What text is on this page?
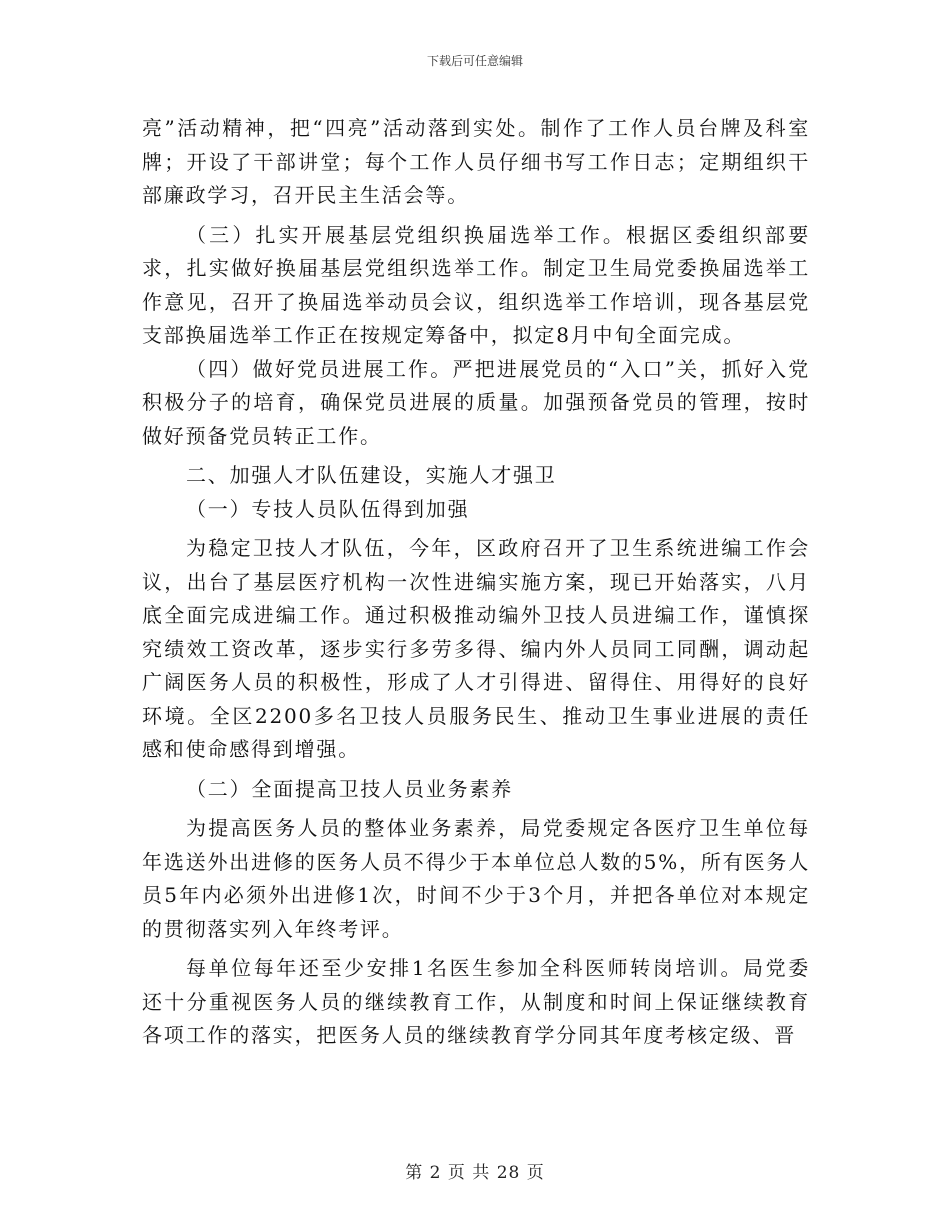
下载后可任意编辑

亮”活动精神，把“四亮”活动落到实处。制作了工作人员台牌及科室牌；开设了干部讲堂；每个工作人员仔细书写工作日志；定期组织干部廉政学习，召开民主生活会等。

（三）扎实开展基层党组织换届选举工作。根据区委组织部要求，扎实做好换届基层党组织选举工作。制定卫生局党委换届选举工作意见，召开了换届选举动员会议，组织选举工作培训，现各基层党支部换届选举工作正在按规定筹备中，拟定8月中旬全面完成。

（四）做好党员进展工作。严把进展党员的“入口”关，抓好入党积极分子的培育，确保党员进展的质量。加强预备党员的管理，按时做好预备党员转正工作。

二、加强人才队伍建设，实施人才强卫

（一）专技人员队伍得到加强

为稳定卫技人才队伍，今年，区政府召开了卫生系统进编工作会议，出台了基层医疗机构一次性进编实施方案，现已开始落实，八月底全面完成进编工作。通过积极推动编外卫技人员进编工作，谨慎探究绩效工资改革，逐步实行多劳多得、编内外人员同工同酬，调动起广阔医务人员的积极性，形成了人才引得进、留得住、用得好的良好环境。全区2200多名卫技人员服务民生、推动卫生事业进展的责任感和使命感得到增强。

（二）全面提高卫技人员业务素养

为提高医务人员的整体业务素养，局党委规定各医疗卫生单位每年选送外出进修的医务人员不得少于本单位总人数的5%，所有医务人员5年内必须外出进修1次，时间不少于3个月，并把各单位对本规定的贯彻落实列入年终考评。

每单位每年还至少安排1名医生参加全科医师转岗培训。局党委还十分重视医务人员的继续教育工作，从制度和时间上保证继续教育各项工作的落实，把医务人员的继续教育学分同其年度考核定级、晋

第 2 页 共 28 页
